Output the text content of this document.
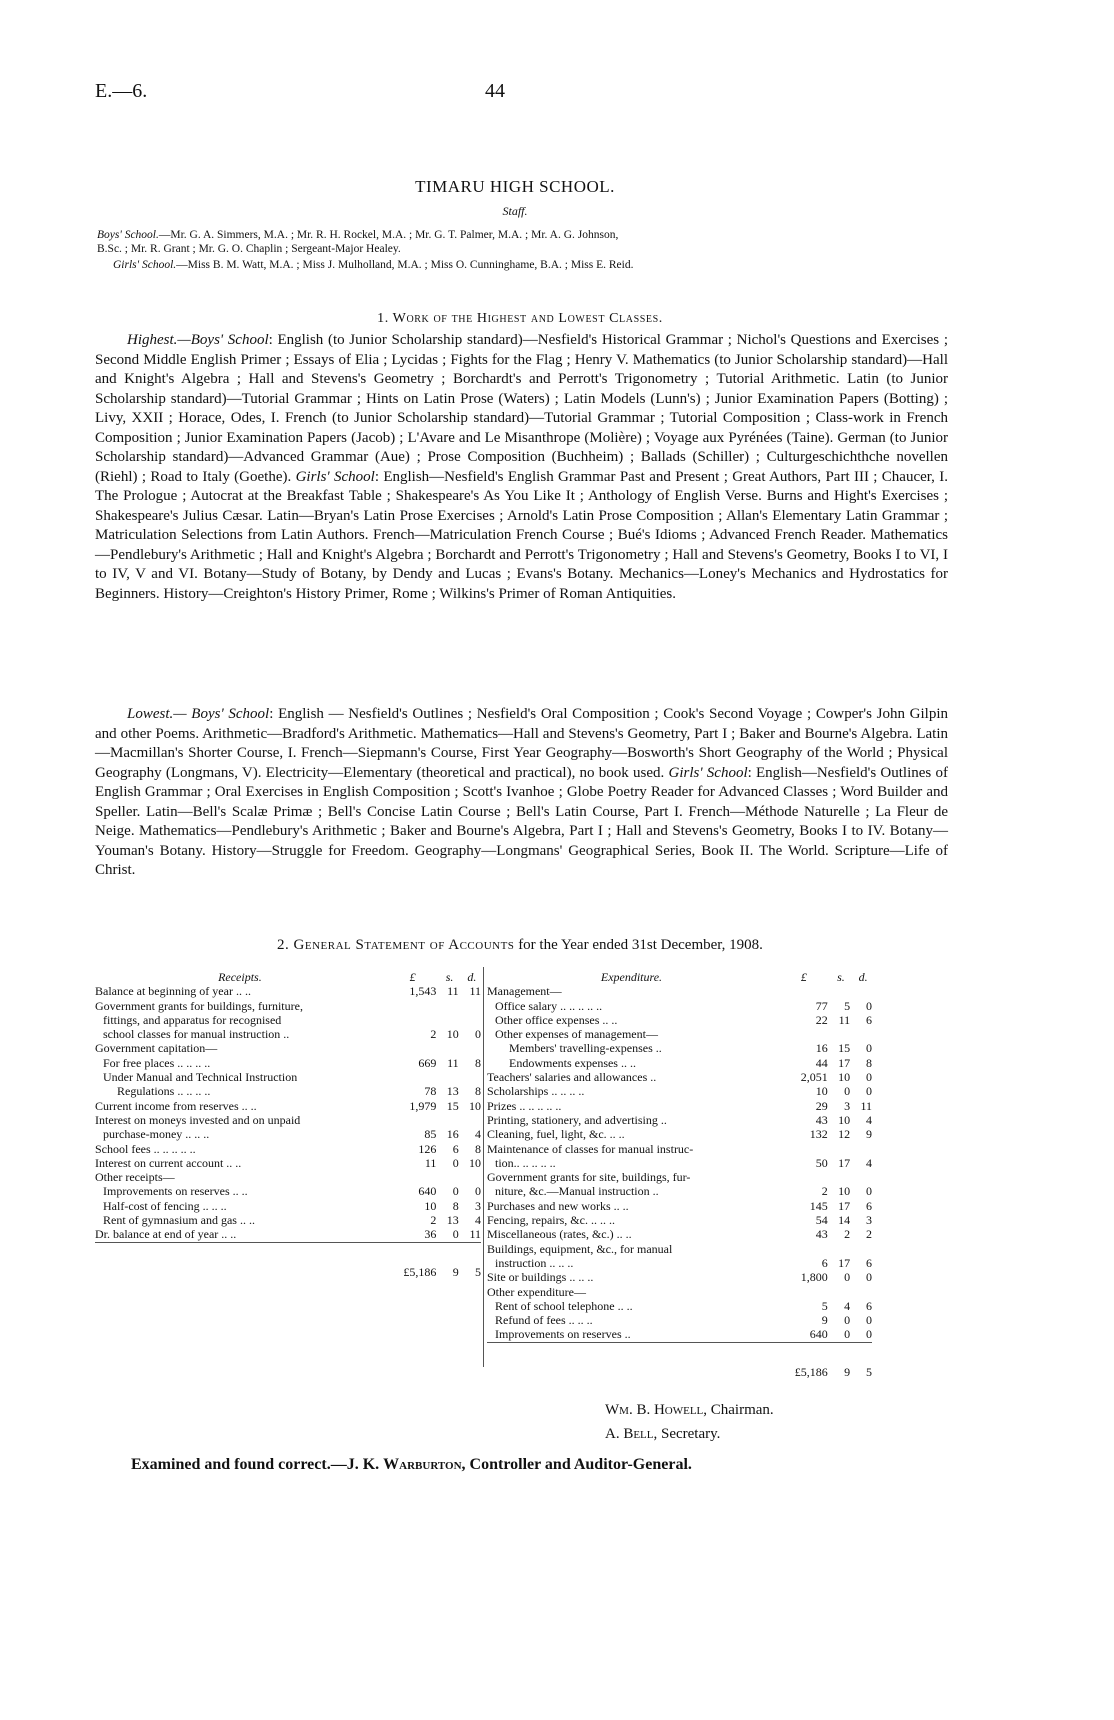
E.—6.	44
TIMARU HIGH SCHOOL.
Staff.
Boys' School.—Mr. G. A. Simmers, M.A. ; Mr. R. H. Rockel, M.A. ; Mr. G. T. Palmer, M.A. ; Mr. A. G. Johnson,
B.Sc. ; Mr. R. Grant ; Mr. G. O. Chaplin ; Sergeant-Major Healey.
Girls' School.—Miss B. M. Watt, M.A. ; Miss J. Mulholland, M.A. ; Miss O. Cunninghame, B.A. ; Miss E. Reid.
1. Work of the Highest and Lowest Classes.

Highest.—Boys' School: English (to Junior Scholarship standard)—Nesfield's Historical Grammar ; Nichol's Questions and Exercises ; Second Middle English Primer ; Essays of Elia ; Lycidas ; Fights for the Flag ; Henry V. Mathematics (to Junior Scholarship standard)—Hall and Knight's Algebra ; Hall and Stevens's Geometry ; Borchardt's and Perrott's Trigonometry ; Tutorial Arithmetic. Latin (to Junior Scholarship standard)—Tutorial Grammar ; Hints on Latin Prose (Waters) ; Latin Models (Lunn's) ; Junior Examination Papers (Botting) ; Livy, XXII ; Horace, Odes, I. French (to Junior Scholarship standard)—Tutorial Grammar ; Tutorial Composition ; Class-work in French Composition ; Junior Examination Papers (Jacob) ; L'Avare and Le Misanthrope (Molière) ; Voyage aux Pyrénées (Taine). German (to Junior Scholarship standard)—Advanced Grammar (Aue) ; Prose Composition (Buchheim) ; Ballads (Schiller) ; Culturgeschichthche novellen (Riehl) ; Road to Italy (Goethe). Girls' School: English—Nesfield's English Grammar Past and Present ; Great Authors, Part III ; Chaucer, I. The Prologue ; Autocrat at the Breakfast Table ; Shakespeare's As You Like It ; Anthology of English Verse. Burns and Hight's Exercises ; Shakespeare's Julius Cæsar. Latin—Bryan's Latin Prose Exercises ; Arnold's Latin Prose Composition ; Allan's Elementary Latin Grammar ; Matriculation Selections from Latin Authors. French—Matriculation French Course ; Bué's Idioms ; Advanced French Reader. Mathematics—Pendlebury's Arithmetic ; Hall and Knight's Algebra ; Borchardt and Perrott's Trigonometry ; Hall and Stevens's Geometry, Books I to VI, I to IV, V and VI. Botany—Study of Botany, by Dendy and Lucas ; Evans's Botany. Mechanics—Loney's Mechanics and Hydrostatics for Beginners. History—Creighton's History Primer, Rome ; Wilkins's Primer of Roman Antiquities.

Lowest.— Boys' School: English — Nesfield's Outlines ; Nesfield's Oral Composition ; Cook's Second Voyage ; Cowper's John Gilpin and other Poems. Arithmetic—Bradford's Arithmetic. Mathematics—Hall and Stevens's Geometry, Part I ; Baker and Bourne's Algebra. Latin—Macmillan's Shorter Course, I. French—Siepmann's Course, First Year Geography—Bosworth's Short Geography of the World ; Physical Geography (Longmans, V). Electricity—Elementary (theoretical and practical), no book used. Girls' School: English—Nesfield's Outlines of English Grammar ; Oral Exercises in English Composition ; Scott's Ivanhoe ; Globe Poetry Reader for Advanced Classes ; Word Builder and Speller. Latin—Bell's Scalæ Primæ ; Bell's Concise Latin Course ; Bell's Latin Course, Part I. French—Méthode Naturelle ; La Fleur de Neige. Mathematics—Pendlebury's Arithmetic ; Baker and Bourne's Algebra, Part I ; Hall and Stevens's Geometry, Books I to IV. Botany—Youman's Botany. History—Struggle for Freedom. Geography—Longmans' Geographical Series, Book II. The World. Scripture—Life of Christ.

2. General Statement of Accounts for the Year ended 31st December, 1908.
Receipts.	£	s.	d.
Balance at beginning of year .. ..	1,543	11	11
Government grants for buildings, furniture,			
fittings, and apparatus for recognised			
school classes for manual instruction ..	2	10	0
Government capitation—			
For free places .. .. .. ..	669	11	8
Under Manual and Technical Instruction			
Regulations .. .. .. ..	78	13	8
Current income from reserves .. ..	1,979	15	10
Interest on moneys invested and on unpaid			
purchase-money .. .. ..	85	16	4
School fees .. .. .. .. ..	126	6	8
Interest on current account .. ..	11	0	10
Other receipts—			
Improvements on reserves .. ..	640	0	0
Half-cost of fencing .. .. ..	10	8	3
Rent of gymnasium and gas .. ..	2	13	4
Dr. balance at end of year .. ..	36	0	11
	£5,186	9	5
Expenditure.	£	s.	d.
Management—			
Office salary .. .. .. .. ..	77	5	0
Other office expenses .. ..	22	11	6
Other expenses of management—			
Members' travelling-expenses ..	16	15	0
Endowments expenses .. ..	44	17	8
Teachers' salaries and allowances ..	2,051	10	0
Scholarships .. .. .. ..	10	0	0
Prizes .. .. .. .. ..	29	3	11
Printing, stationery, and advertising ..	43	10	4
Cleaning, fuel, light, &c. .. ..	132	12	9
Maintenance of classes for manual instruc-			
tion.. .. .. .. ..	50	17	4
Government grants for site, buildings, fur-			
niture, &c.—Manual instruction ..	2	10	0
Purchases and new works .. ..	145	17	6
Fencing, repairs, &c. .. .. ..	54	14	3
Miscellaneous (rates, &c.) .. ..	43	2	2
Buildings, equipment, &c., for manual			
instruction .. .. ..	6	17	6
Site or buildings .. .. ..	1,800	0	0
Other expenditure—			
Rent of school telephone .. ..	5	4	6
Refund of fees .. .. ..	9	0	0
Improvements on reserves ..	640	0	0
	£5,186	9	5
Wm. B. Howell, Chairman.
A. Bell, Secretary.
Examined and found correct.—J. K. Warburton, Controller and Auditor-General.
